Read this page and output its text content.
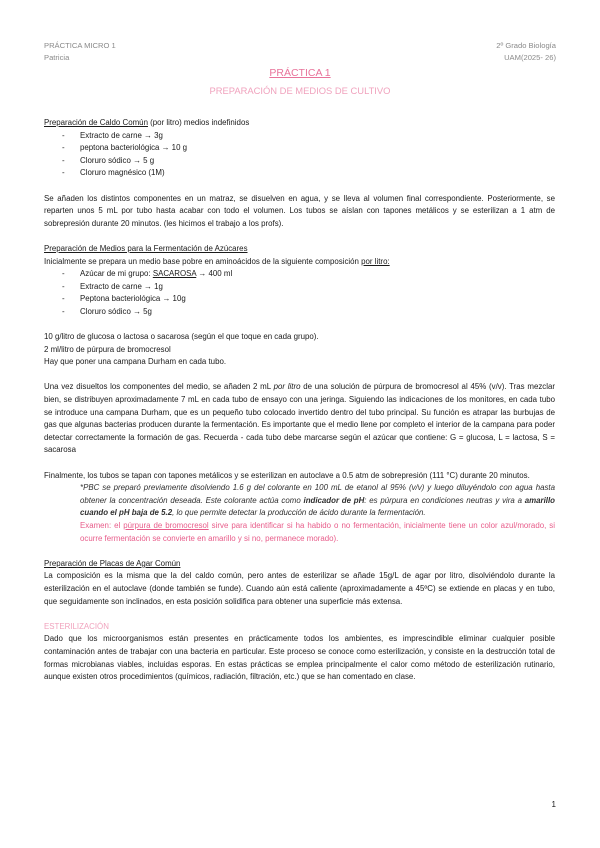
PRÁCTICA MICRO 1
Patricia
2º Grado Biología
UAM(2025- 26)
PRÁCTICA 1
PREPARACIÓN DE MEDIOS DE CULTIVO

Preparación de Caldo Común (por litro) medios indefinidos

- Extracto de carne → 3g
- peptona bacteriológica → 10 g
- Cloruro sódico → 5 g
- Cloruro magnésico (1M)

Se añaden los distintos componentes en un matraz, se disuelven en agua, y se lleva al volumen final correspondiente. Posteriormente, se reparten unos 5 mL por tubo hasta acabar con todo el volumen. Los tubos se aíslan con tapones metálicos y se esterilizan a 1 atm de sobrepresión durante 20 minutos. (les hicimos el trabajo a los profs).

Preparación de Medios para la Fermentación de Azúcares

Inicialmente se prepara un medio base pobre en aminoácidos de la siguiente composición por litro:

- Azúcar de mi grupo: SACAROSA → 400 ml
- Extracto de carne → 1g
- Peptona bacteriológica → 10g
- Cloruro sódico → 5g

10 g/litro de glucosa o lactosa o sacarosa (según el que toque en cada grupo).

2 ml/litro de púrpura de bromocresol

Hay que poner una campana Durham en cada tubo.

Una vez disueltos los componentes del medio, se añaden 2 mL por litro de una solución de púrpura de bromocresol al 45% (v/v). Tras mezclar bien, se distribuyen aproximadamente 7 mL en cada tubo de ensayo con una jeringa. Siguiendo las indicaciones de los monitores, en cada tubo se introduce una campana Durham, que es un pequeño tubo colocado invertido dentro del tubo principal. Su función es atrapar las burbujas de gas que algunas bacterias producen durante la fermentación. Es importante que el medio llene por completo el interior de la campana para poder detectar correctamente la formación de gas. Recuerda - cada tubo debe marcarse según el azúcar que contiene: G = glucosa, L = lactosa, S = sacarosa

Finalmente, los tubos se tapan con tapones metálicos y se esterilizan en autoclave a 0.5 atm de sobrepresión (111 °C) durante 20 minutos.

*PBC se preparó previamente disolviendo 1.6 g del colorante en 100 mL de etanol al 95% (v/v) y luego diluyéndolo con agua hasta obtener la concentración deseada. Este colorante actúa como indicador de pH: es púrpura en condiciones neutras y vira a amarillo cuando el pH baja de 5.2, lo que permite detectar la producción de ácido durante la fermentación.

Examen: el púrpura de bromocresol sirve para identificar si ha habido o no fermentación, inicialmente tiene un color azul/morado, si ocurre fermentación se convierte en amarillo y si no, permanece morado).

Preparación de Placas de Agar Común

La composición es la misma que la del caldo común, pero antes de esterilizar se añade 15g/L de agar por litro, disolviéndolo durante la esterilización en el autoclave (donde también se funde). Cuando aún está caliente (aproximadamente a 45ºC) se extiende en placas y en tubo, que seguidamente son inclinados, en esta posición solidifica para obtener una superficie más extensa.

ESTERILIZACIÓN

Dado que los microorganismos están presentes en prácticamente todos los ambientes, es imprescindible eliminar cualquier posible contaminación antes de trabajar con una bacteria en particular. Este proceso se conoce como esterilización, y consiste en la destrucción total de formas microbianas viables, incluidas esporas. En estas prácticas se emplea principalmente el calor como método de esterilización rutinario, aunque existen otros procedimientos (químicos, radiación, filtración, etc.) que se han comentado en clase.

1
